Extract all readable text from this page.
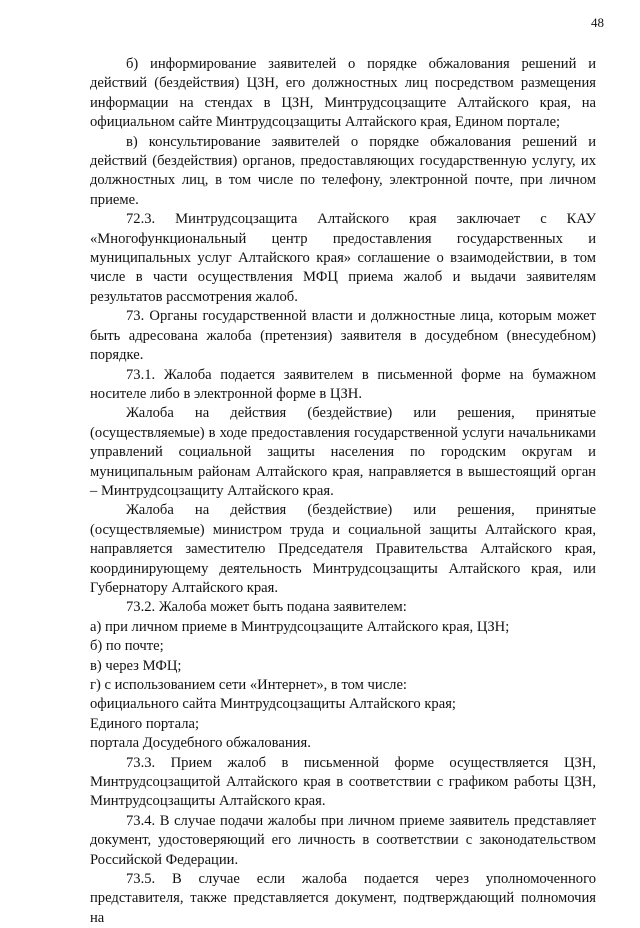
48

б) информирование заявителей о порядке обжалования решений и действий (бездействия) ЦЗН, его должностных лиц посредством размещения информации на стендах в ЦЗН, Минтрудсоцзащите Алтайского края, на официальном сайте Минтрудсоцзащиты Алтайского края, Едином портале;

в) консультирование заявителей о порядке обжалования решений и действий (бездействия) органов, предоставляющих государственную услугу, их должностных лиц, в том числе по телефону, электронной почте, при личном приеме.

72.3. Минтрудсоцзащита Алтайского края заключает с КАУ «Многофункциональный центр предоставления государственных и муниципальных услуг Алтайского края» соглашение о взаимодействии, в том числе в части осуществления МФЦ приема жалоб и выдачи заявителям результатов рассмотрения жалоб.

73. Органы государственной власти и должностные лица, которым может быть адресована жалоба (претензия) заявителя в досудебном (внесудебном) порядке.

73.1. Жалоба подается заявителем в письменной форме на бумажном носителе либо в электронной форме в ЦЗН.

Жалоба на действия (бездействие) или решения, принятые (осуществляемые) в ходе предоставления государственной услуги начальниками управлений социальной защиты населения по городским округам и муниципальным районам Алтайского края, направляется в вышестоящий орган – Минтрудсоцзащиту Алтайского края.

Жалоба на действия (бездействие) или решения, принятые (осуществляемые) министром труда и социальной защиты Алтайского края, направляется заместителю Председателя Правительства Алтайского края, координирующему деятельность Минтрудсоцзащиты Алтайского края, или Губернатору Алтайского края.

73.2. Жалоба может быть подана заявителем:

а) при личном приеме в Минтрудсоцзащите Алтайского края, ЦЗН;

б) по почте;

в) через МФЦ;

г) с использованием сети «Интернет», в том числе:

официального сайта Минтрудсоцзащиты Алтайского края;

Единого портала;

портала Досудебного обжалования.

73.3. Прием жалоб в письменной форме осуществляется ЦЗН, Минтрудсоцзащитой Алтайского края в соответствии с графиком работы ЦЗН, Минтрудсоцзащиты Алтайского края.

73.4. В случае подачи жалобы при личном приеме заявитель представляет документ, удостоверяющий его личность в соответствии с законодательством Российской Федерации.

73.5. В случае если жалоба подается через уполномоченного представителя, также представляется документ, подтверждающий полномочия на
